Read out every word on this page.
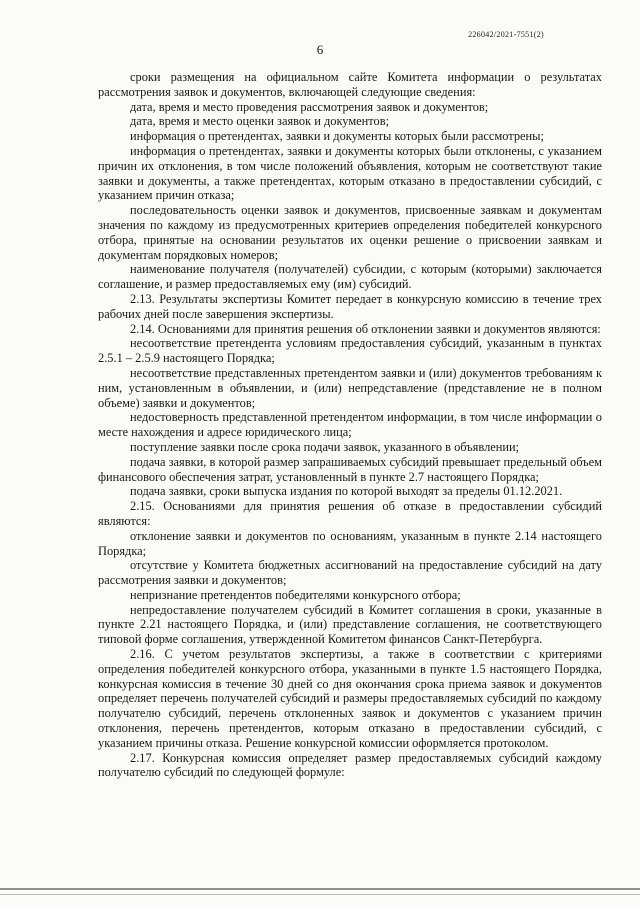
226042/2021-7551(2)
6

сроки размещения на официальном сайте Комитета информации о результатах рассмотрения заявок и документов, включающей следующие сведения:

дата, время и место проведения рассмотрения заявок и документов;

дата, время и место оценки заявок и документов;

информация о претендентах, заявки и документы которых были рассмотрены;

информация о претендентах, заявки и документы которых были отклонены, с указанием причин их отклонения, в том числе положений объявления, которым не соответствуют такие заявки и документы, а также претендентах, которым отказано в предоставлении субсидий, с указанием причин отказа;

последовательность оценки заявок и документов, присвоенные заявкам и документам значения по каждому из предусмотренных критериев определения победителей конкурсного отбора, принятые на основании результатов их оценки решение о присвоении заявкам и документам порядковых номеров;

наименование получателя (получателей) субсидии, с которым (которыми) заключается соглашение, и размер предоставляемых ему (им) субсидий.

2.13. Результаты экспертизы Комитет передает в конкурсную комиссию в течение трех рабочих дней после завершения экспертизы.

2.14. Основаниями для принятия решения об отклонении заявки и документов являются:

несоответствие претендента условиям предоставления субсидий, указанным в пунктах 2.5.1 – 2.5.9 настоящего Порядка;

несоответствие представленных претендентом заявки и (или) документов требованиям к ним, установленным в объявлении, и (или) непредставление (представление не в полном объеме) заявки и документов;

недостоверность представленной претендентом информации, в том числе информации о месте нахождения и адресе юридического лица;

поступление заявки после срока подачи заявок, указанного в объявлении;

подача заявки, в которой размер запрашиваемых субсидий превышает предельный объем финансового обеспечения затрат, установленный в пункте 2.7 настоящего Порядка;

подача заявки, сроки выпуска издания по которой выходят за пределы 01.12.2021.

2.15. Основаниями для принятия решения об отказе в предоставлении субсидий являются:

отклонение заявки и документов по основаниям, указанным в пункте 2.14 настоящего Порядка;

отсутствие у Комитета бюджетных ассигнований на предоставление субсидий на дату рассмотрения заявки и документов;

непризнание претендентов победителями конкурсного отбора;

непредоставление получателем субсидий в Комитет соглашения в сроки, указанные в пункте 2.21 настоящего Порядка, и (или) представление соглашения, не соответствующего типовой форме соглашения, утвержденной Комитетом финансов Санкт-Петербурга.

2.16. С учетом результатов экспертизы, а также в соответствии с критериями определения победителей конкурсного отбора, указанными в пункте 1.5 настоящего Порядка, конкурсная комиссия в течение 30 дней со дня окончания срока приема заявок и документов определяет перечень получателей субсидий и размеры предоставляемых субсидий по каждому получателю субсидий, перечень отклоненных заявок и документов с указанием причин отклонения, перечень претендентов, которым отказано в предоставлении субсидий, с указанием причины отказа. Решение конкурсной комиссии оформляется протоколом.

2.17. Конкурсная комиссия определяет размер предоставляемых субсидий каждому получателю субсидий по следующей формуле:
